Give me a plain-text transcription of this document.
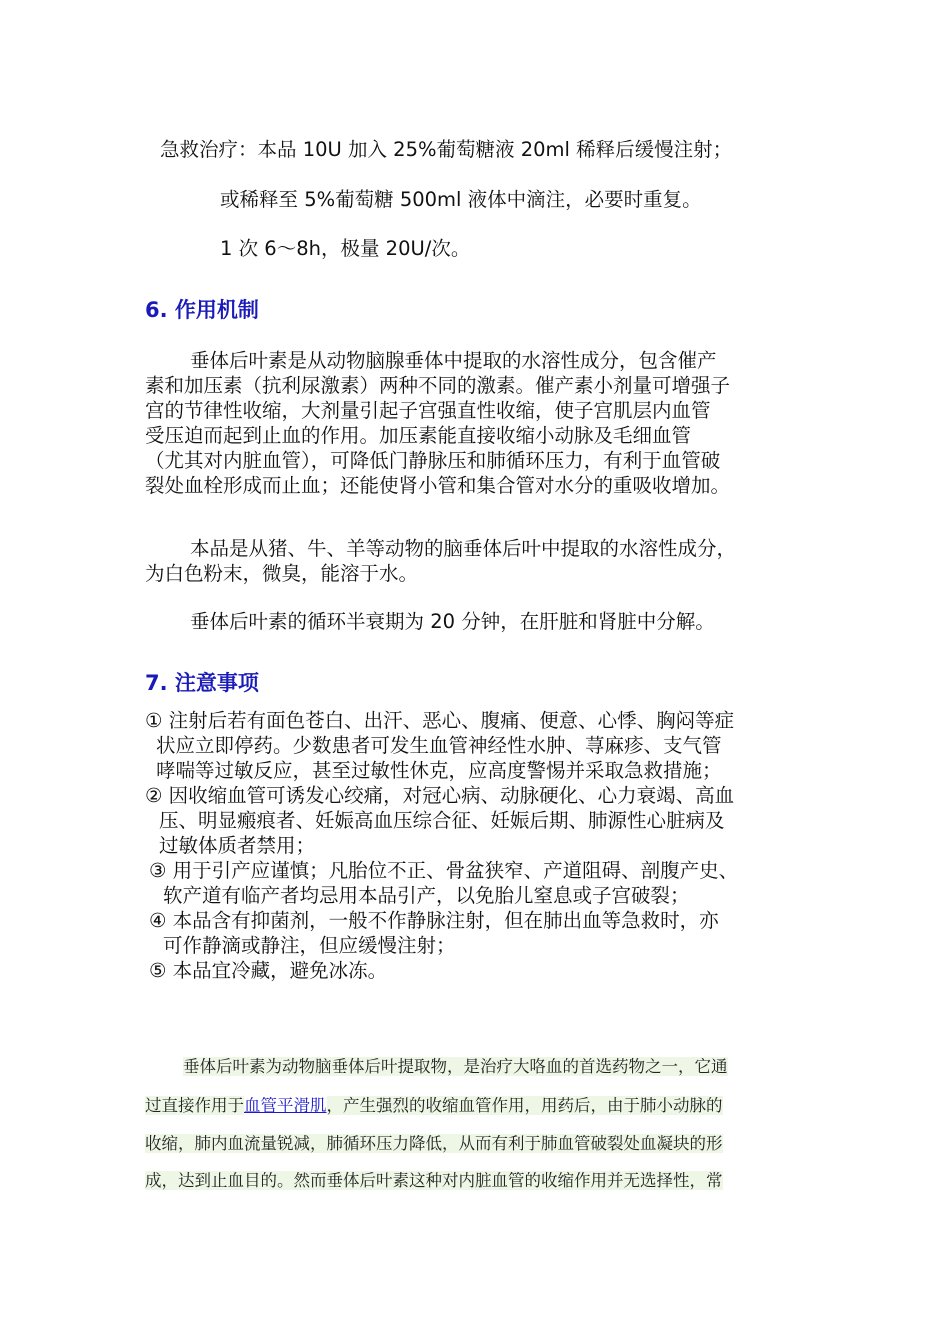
急救治疗：本品 10U 加入 25%葡萄糖液 20ml 稀释后缓慢注射；
或稀释至 5%葡萄糖 500ml 液体中滴注，必要时重复。
1 次 6～8h，极量 20U/次。
6. 作用机制
垂体后叶素是从动物脑腺垂体中提取的水溶性成分，包含催产
素和加压素（抗利尿激素）两种不同的激素。催产素小剂量可增强子
宫的节律性收缩，大剂量引起子宫强直性收缩，使子宫肌层内血管
受压迫而起到止血的作用。加压素能直接收缩小动脉及毛细血管
（尤其对内脏血管），可降低门静脉压和肺循环压力，有利于血管破
裂处血栓形成而止血；还能使肾小管和集合管对水分的重吸收增加。
本品是从猪、牛、羊等动物的脑垂体后叶中提取的水溶性成分，
为白色粉末，微臭，能溶于水。
垂体后叶素的循环半衰期为 20 分钟，在肝脏和肾脏中分解。
7. 注意事项
① 注射后若有面色苍白、出汗、恶心、腹痛、便意、心悸、胸闷等症
状应立即停药。少数患者可发生血管神经性水肿、荨麻疹、支气管
哮喘等过敏反应，甚至过敏性休克，应高度警惕并采取急救措施；
② 因收缩血管可诱发心绞痛，对冠心病、动脉硬化、心力衰竭、高血
压、明显瘢痕者、妊娠高血压综合征、妊娠后期、肺源性心脏病及
过敏体质者禁用；
③ 用于引产应谨慎；凡胎位不正、骨盆狭窄、产道阻碍、剖腹产史、
软产道有临产者均忌用本品引产，以免胎儿窒息或子宫破裂；
④ 本品含有抑菌剂，一般不作静脉注射，但在肺出血等急救时，亦
可作静滴或静注，但应缓慢注射；
⑤ 本品宜冷藏，避免冰冻。
垂体后叶素为动物脑垂体后叶提取物，是治疗大咯血的首选药物之一，它通
过直接作用于血管平滑肌，产生强烈的收缩血管作用，用药后，由于肺小动脉的
收缩，肺内血流量锐减，肺循环压力降低，从而有利于肺血管破裂处血凝块的形
成，达到止血目的。然而垂体后叶素这种对内脏血管的收缩作用并无选择性，常
